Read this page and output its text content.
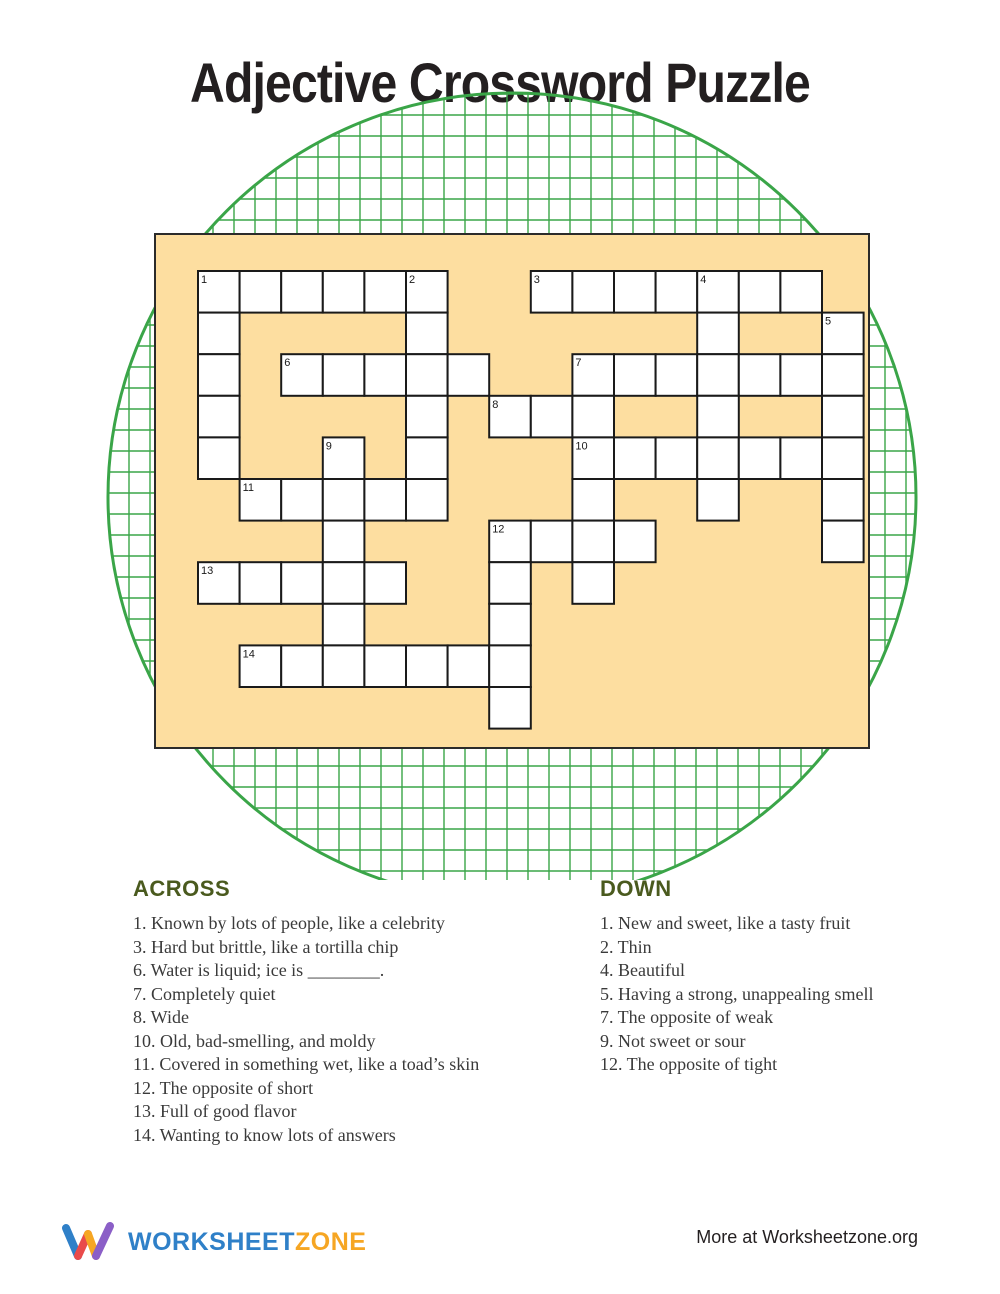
Adjective Crossword Puzzle
1	2	3	4
5
6	7
8
9	10
11
12
13
14
ACROSS
1. Known by lots of people, like a celebrity
3. Hard but brittle, like a tortilla chip
6. Water is liquid; ice is ________.
7. Completely quiet
8. Wide
10. Old, bad-smelling, and moldy
11. Covered in something wet, like a toad’s skin
12. The opposite of short
13. Full of good flavor
14. Wanting to know lots of answers
DOWN
1. New and sweet, like a tasty fruit
2. Thin
4. Beautiful
5. Having a strong, unappealing smell
7. The opposite of weak
9. Not sweet or sour
12. The opposite of tight
WORKSHEETZONE	More at Worksheetzone.org
